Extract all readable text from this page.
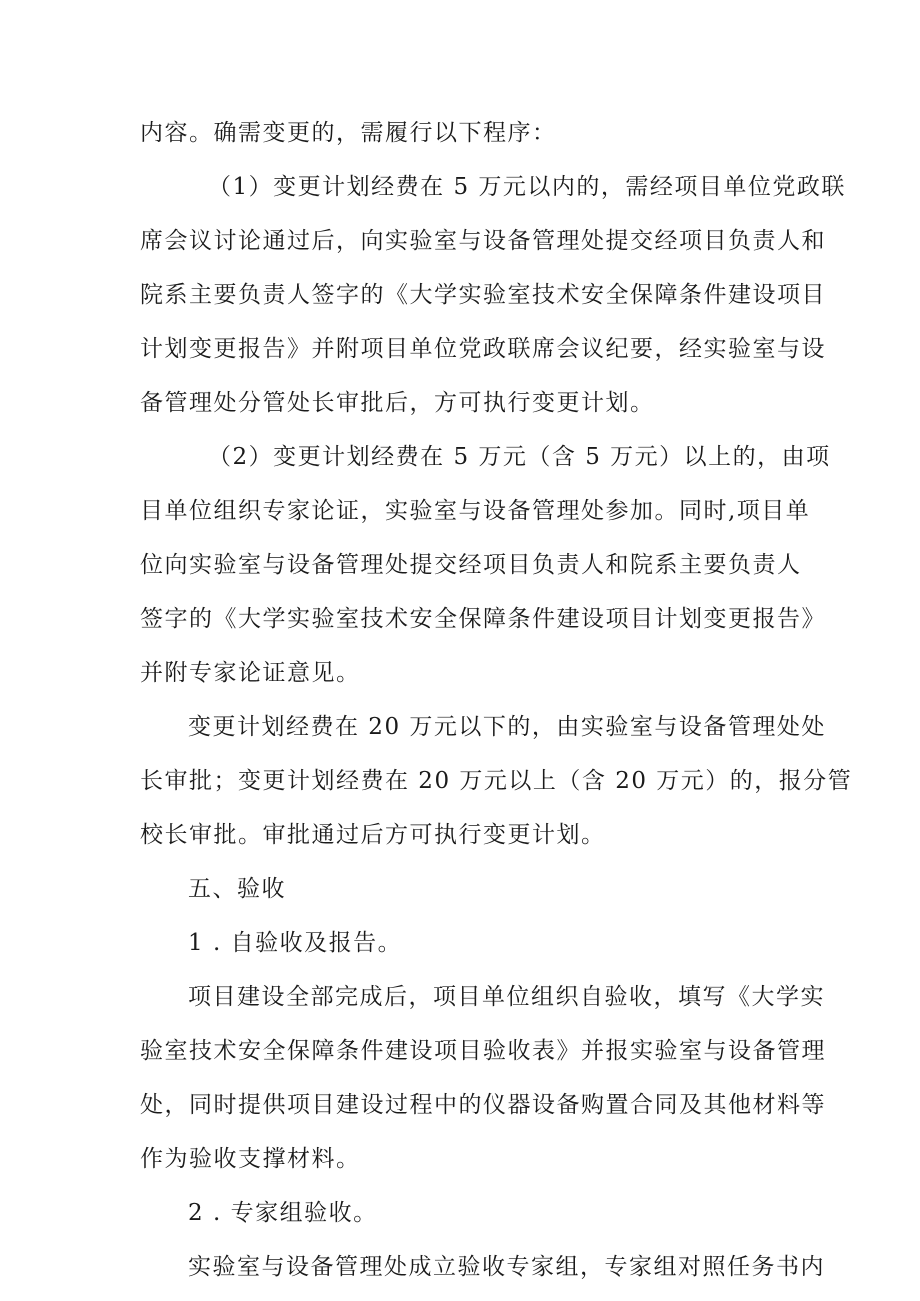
内容。确需变更的，需履行以下程序：
（1）变更计划经费在 5 万元以内的，需经项目单位党政联
席会议讨论通过后，向实验室与设备管理处提交经项目负责人和
院系主要负责人签字的《大学实验室技术安全保障条件建设项目
计划变更报告》并附项目单位党政联席会议纪要，经实验室与设
备管理处分管处长审批后，方可执行变更计划。
（2）变更计划经费在 5 万元（含 5 万元）以上的，由项
目单位组织专家论证，实验室与设备管理处参加。同时,项目单
位向实验室与设备管理处提交经项目负责人和院系主要负责人
签字的《大学实验室技术安全保障条件建设项目计划变更报告》
并附专家论证意见。
变更计划经费在 20 万元以下的，由实验室与设备管理处处
长审批；变更计划经费在 20 万元以上（含 20 万元）的，报分管
校长审批。审批通过后方可执行变更计划。
五、验收
1 . 自验收及报告。
项目建设全部完成后，项目单位组织自验收，填写《大学实
验室技术安全保障条件建设项目验收表》并报实验室与设备管理
处，同时提供项目建设过程中的仪器设备购置合同及其他材料等
作为验收支撑材料。
2 . 专家组验收。
实验室与设备管理处成立验收专家组，专家组对照任务书内
